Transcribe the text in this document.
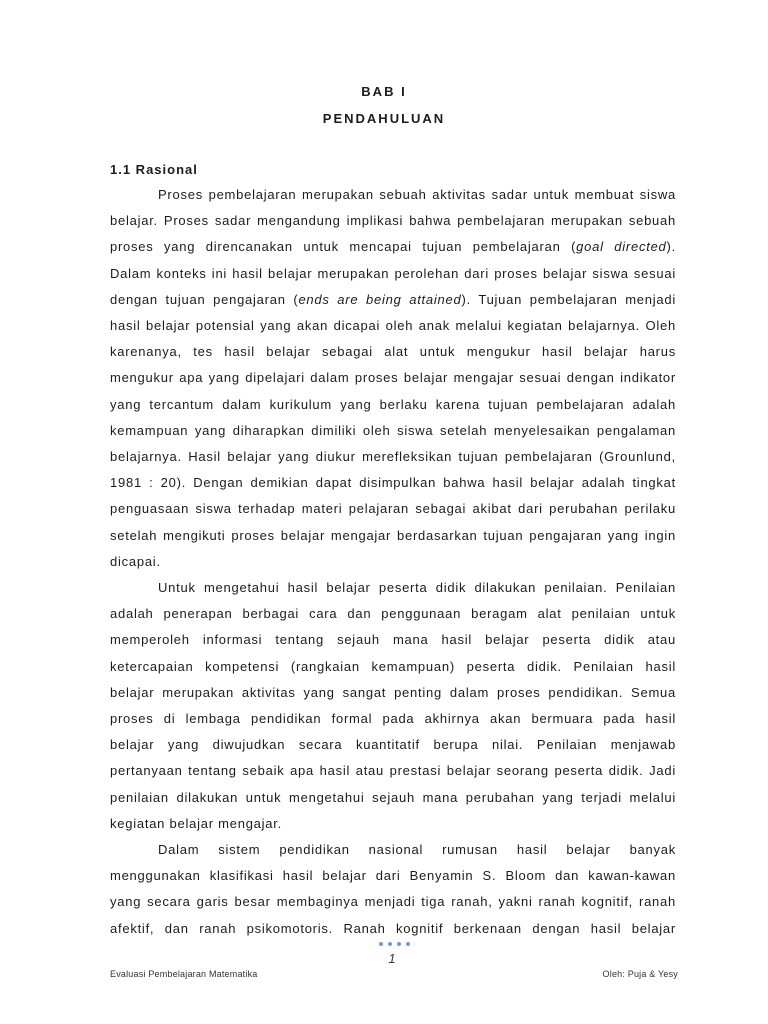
BAB I
PENDAHULUAN
1.1 Rasional
Proses pembelajaran merupakan sebuah aktivitas sadar untuk membuat siswa
belajar. Proses sadar mengandung implikasi bahwa pembelajaran merupakan sebuah
proses yang direncanakan untuk mencapai tujuan pembelajaran (goal directed).
Dalam konteks ini hasil belajar merupakan perolehan dari proses belajar siswa sesuai
dengan tujuan pengajaran (ends are being attained). Tujuan pembelajaran menjadi
hasil belajar potensial yang akan dicapai oleh anak melalui kegiatan belajarnya. Oleh
karenanya, tes hasil belajar sebagai alat untuk mengukur hasil belajar harus
mengukur apa yang dipelajari dalam proses belajar mengajar sesuai dengan indikator
yang tercantum dalam kurikulum yang berlaku karena tujuan pembelajaran adalah
kemampuan yang diharapkan dimiliki oleh siswa setelah menyelesaikan pengalaman
belajarnya. Hasil belajar yang diukur merefleksikan tujuan pembelajaran (Grounlund,
1981 : 20). Dengan demikian dapat disimpulkan bahwa hasil belajar adalah tingkat
penguasaan siswa terhadap materi pelajaran sebagai akibat dari perubahan perilaku
setelah mengikuti proses belajar mengajar berdasarkan tujuan pengajaran yang ingin
dicapai.
Untuk mengetahui hasil belajar peserta didik dilakukan penilaian. Penilaian
adalah penerapan berbagai cara dan penggunaan beragam alat penilaian untuk
memperoleh informasi tentang sejauh mana hasil belajar peserta didik atau
ketercapaian kompetensi (rangkaian kemampuan) peserta didik. Penilaian hasil
belajar merupakan aktivitas yang sangat penting dalam proses pendidikan. Semua
proses di lembaga pendidikan formal pada akhirnya akan bermuara pada hasil
belajar yang diwujudkan secara kuantitatif berupa nilai. Penilaian menjawab
pertanyaan tentang sebaik apa hasil atau prestasi belajar seorang peserta didik. Jadi
penilaian dilakukan untuk mengetahui sejauh mana perubahan yang terjadi melalui
kegiatan belajar mengajar.
Dalam sistem pendidikan nasional rumusan hasil belajar banyak
menggunakan klasifikasi hasil belajar dari Benyamin S. Bloom dan kawan-kawan
yang secara garis besar membaginya menjadi tiga ranah, yakni ranah kognitif, ranah
afektif, dan ranah psikomotoris. Ranah kognitif berkenaan dengan hasil belajar
1
Evaluasi Pembelajaran Matematika	Oleh: Puja & Yesy
